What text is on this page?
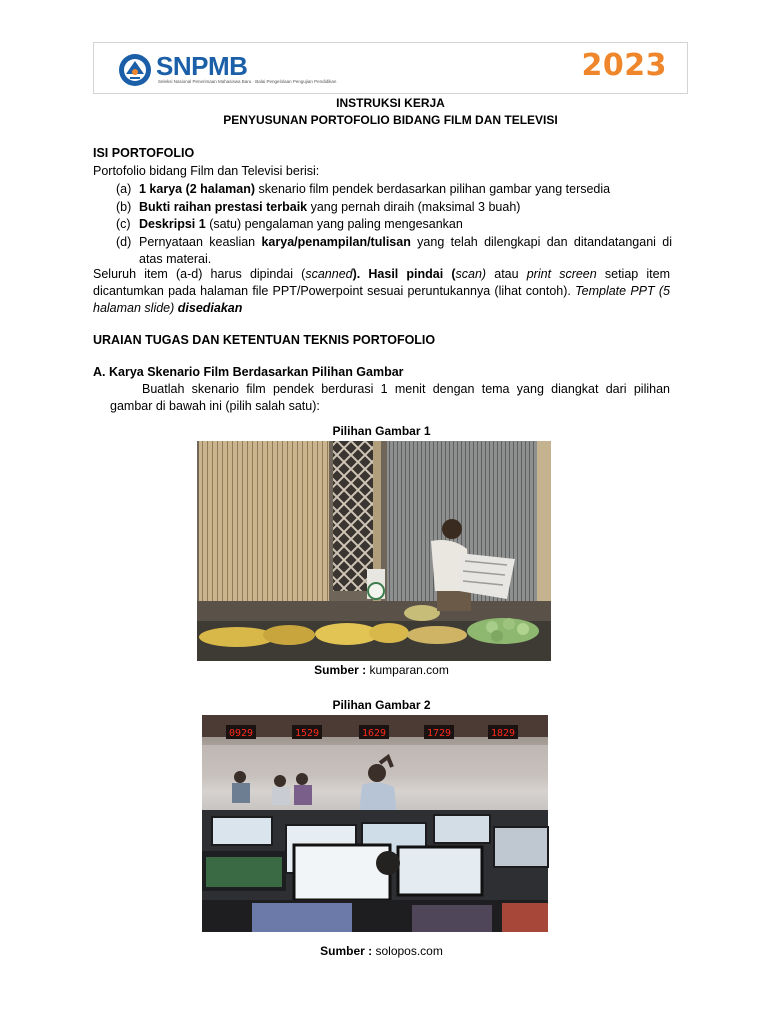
SNPMB
Seleksi Nasional Penerimaan Mahasiswa Baru · Balai Pengelolaan Pengujian Pendidikan	2023
INSTRUKSI KERJA
PENYUSUNAN PORTOFOLIO BIDANG FILM DAN TELEVISI
ISI PORTOFOLIO
Portofolio bidang Film dan Televisi berisi:
(a) 1 karya (2 halaman) skenario film pendek berdasarkan pilihan gambar yang tersedia
(b) Bukti raihan prestasi terbaik yang pernah diraih (maksimal 3 buah)
(c) Deskripsi 1 (satu) pengalaman yang paling mengesankan
(d) Pernyataan keaslian karya/penampilan/tulisan yang telah dilengkapi dan ditandatangani di atas materai.
Seluruh item (a-d) harus dipindai (scanned). Hasil pindai (scan) atau print screen setiap item dicantumkan pada halaman file PPT/Powerpoint sesuai peruntukannya (lihat contoh). Template PPT (5 halaman slide) disediakan
URAIAN TUGAS DAN KETENTUAN TEKNIS PORTOFOLIO
A. Karya Skenario Film Berdasarkan Pilihan Gambar
Buatlah skenario film pendek berdurasi 1 menit dengan tema yang diangkat dari pilihan gambar di bawah ini (pilih salah satu):
Pilihan Gambar 1
Sumber : kumparan.com
Pilihan Gambar 2
0929	1529	1629	1729	1829
Sumber : solopos.com
